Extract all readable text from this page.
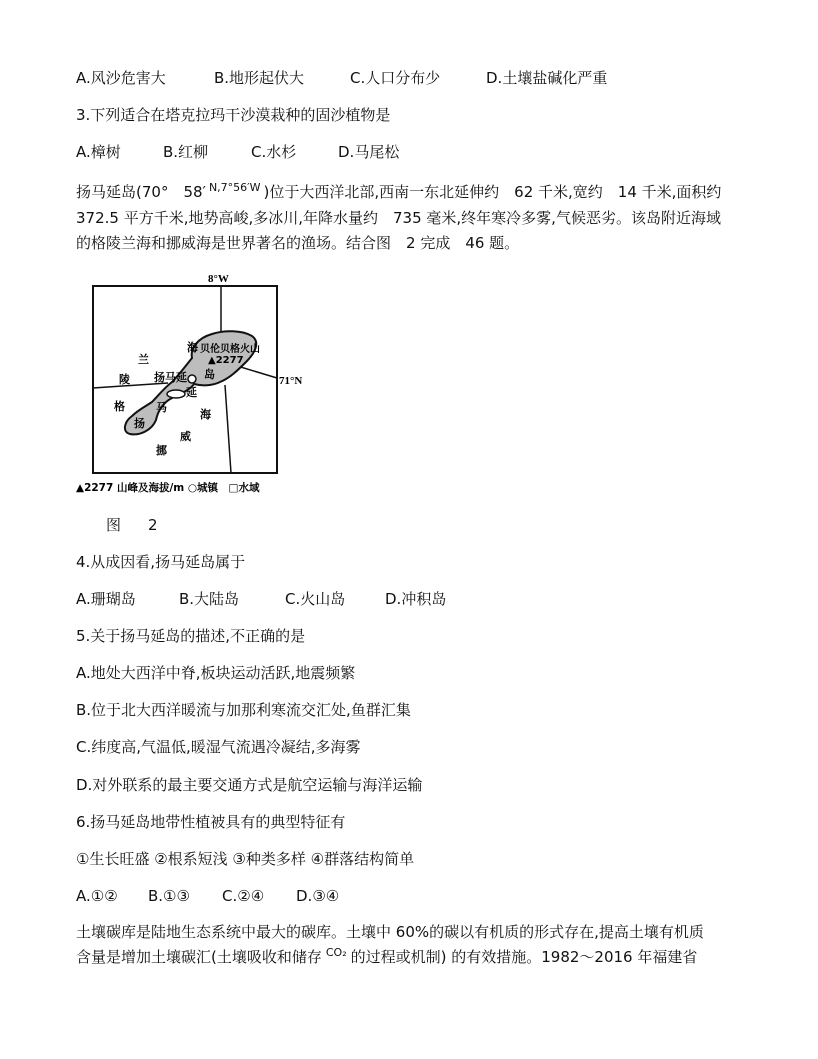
A.风沙危害大	B.地形起伏大	C.人口分布少	D.土壤盐碱化严重
3.下列适合在塔克拉玛干沙漠栽种的固沙植物是
A.樟树	B.红柳	C.水杉	D.马尾松

扬马延岛(70°　58′ $^{N,7^\circ 56'W}$ )位于大西洋北部,西南一东北延伸约　62 千米,宽约　14 千米,面积约

372.5 平方千米,地势高峻,多冰川,年降水量约　735 毫米,终年寒冷多雾,气候恶劣。该岛附近海域

的格陵兰海和挪威海是世界著名的渔场。结合图　2 完成　46 题。

8°W
71°N
贝伦贝格火山
▲2277
海
兰
陵
格
海
威
挪
扬马延 岛
延
马
扬
▲2277 山峰及海拔/m ○城镇　□水域
图　2
4.从成因看,扬马延岛属于
A.珊瑚岛	B.大陆岛	C.火山岛	D.冲积岛
5.关于扬马延岛的描述,不正确的是
A.地处大西洋中脊,板块运动活跃,地震频繁
B.位于北大西洋暖流与加那利寒流交汇处,鱼群汇集
C.纬度高,气温低,暖湿气流遇冷凝结,多海雾
D.对外联系的最主要交通方式是航空运输与海洋运输
6.扬马延岛地带性植被具有的典型特征有
①生长旺盛 ②根系短浅 ③种类多样 ④群落结构简单
A.①② B.①③ C.②④ D.③④

土壤碳库是陆地生态系统中最大的碳库。土壤中 60%的碳以有机质的形式存在,提高土壤有机质

含量是增加土壤碳汇(土壤吸收和储存 $^{CO_2}$ 的过程或机制) 的有效措施。1982～2016 年福建省
